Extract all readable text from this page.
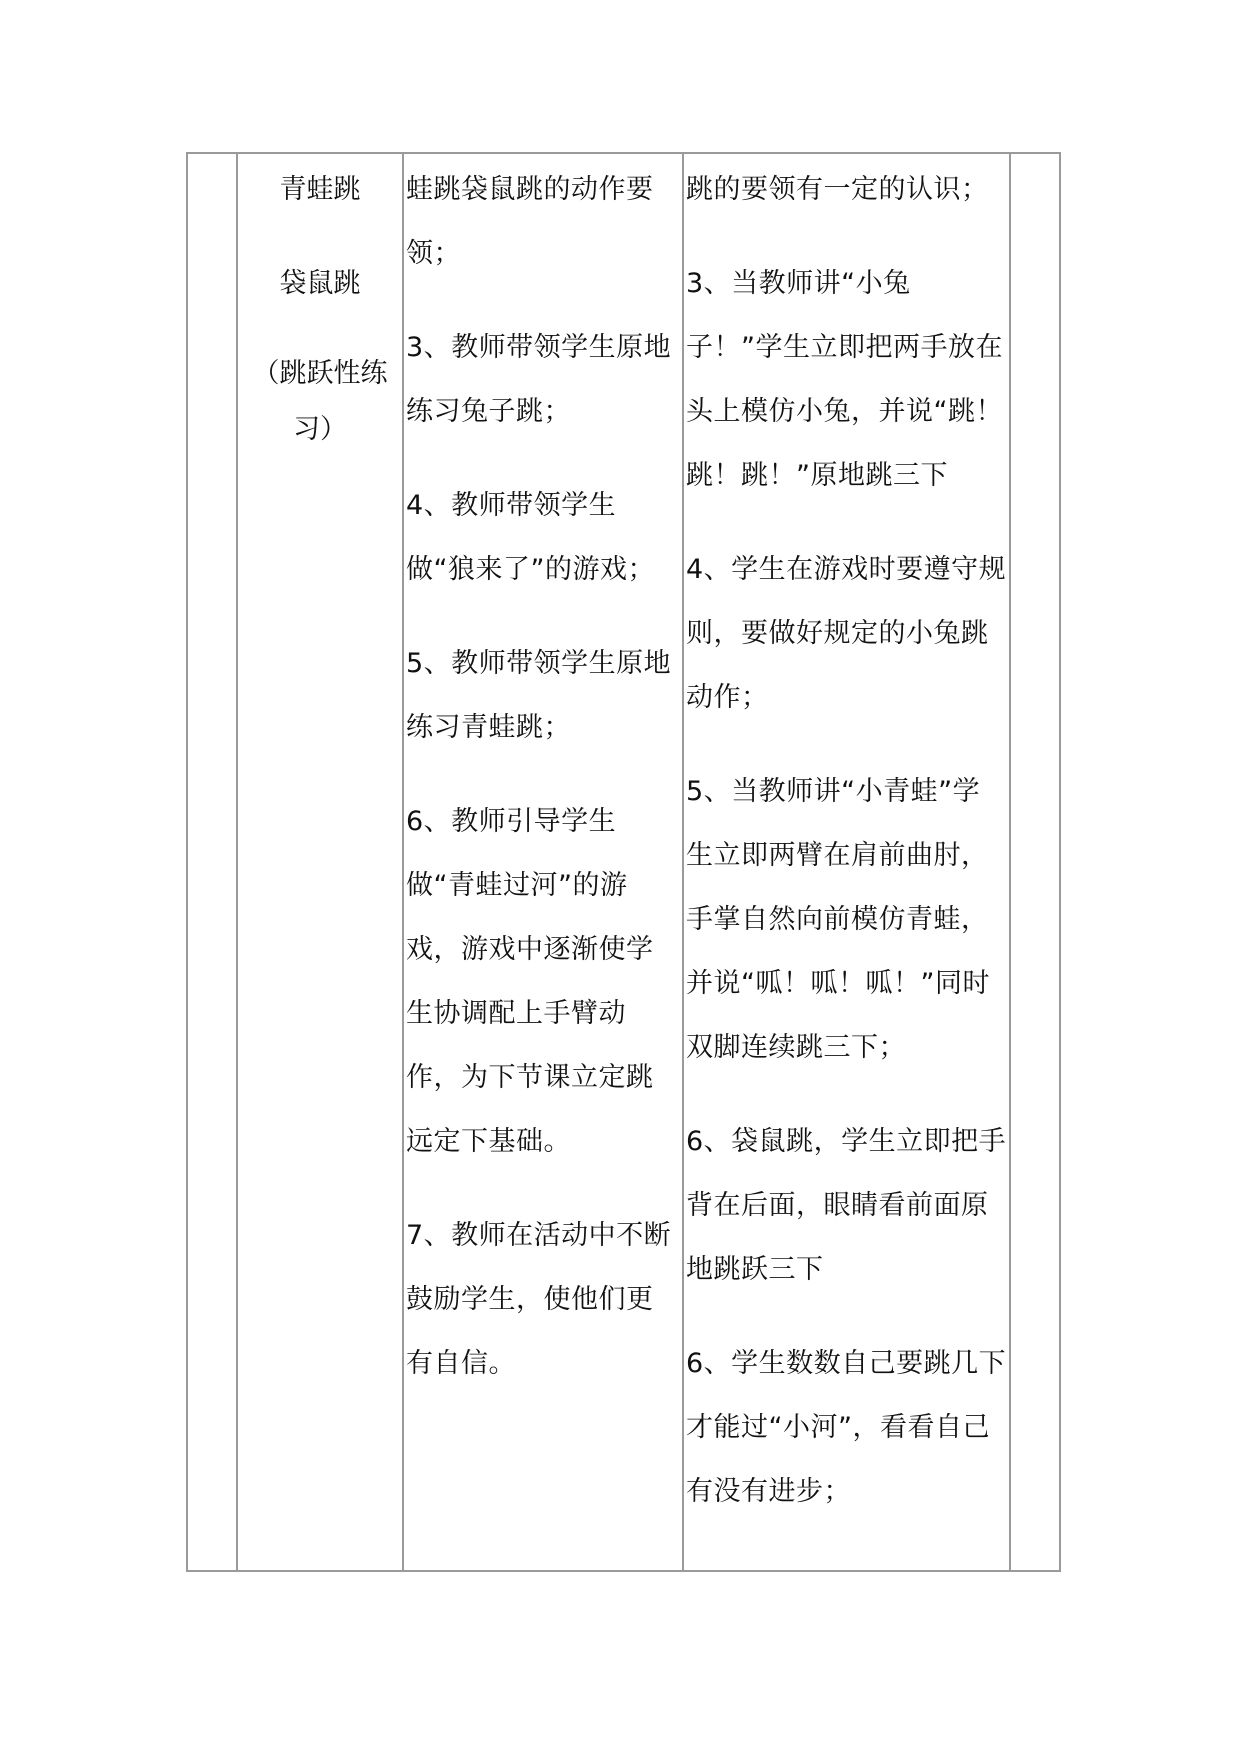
青蛙跳
袋鼠跳
（跳跃性练
习）

蛙跳袋鼠跳的动作要领；
3、教师带领学生原地练习兔子跳；
4、教师带领学生做“狼来了”的游戏；
5、教师带领学生原地练习青蛙跳；
6、教师引导学生做“青蛙过河”的游戏，游戏中逐渐使学生协调配上手臂动作，为下节课立定跳远定下基础。
7、教师在活动中不断鼓励学生，使他们更有自信。

跳的要领有一定的认识；
3、当教师讲“小兔子！”学生立即把两手放在头上模仿小兔，并说“跳！跳！跳！”原地跳三下
4、学生在游戏时要遵守规则，要做好规定的小兔跳动作；
5、当教师讲“小青蛙”学生立即两臂在肩前曲肘，手掌自然向前模仿青蛙，并说“呱！呱！呱！”同时双脚连续跳三下；
6、袋鼠跳，学生立即把手背在后面，眼睛看前面原地跳跃三下
6、学生数数自己要跳几下才能过“小河”，看看自己有没有进步；
